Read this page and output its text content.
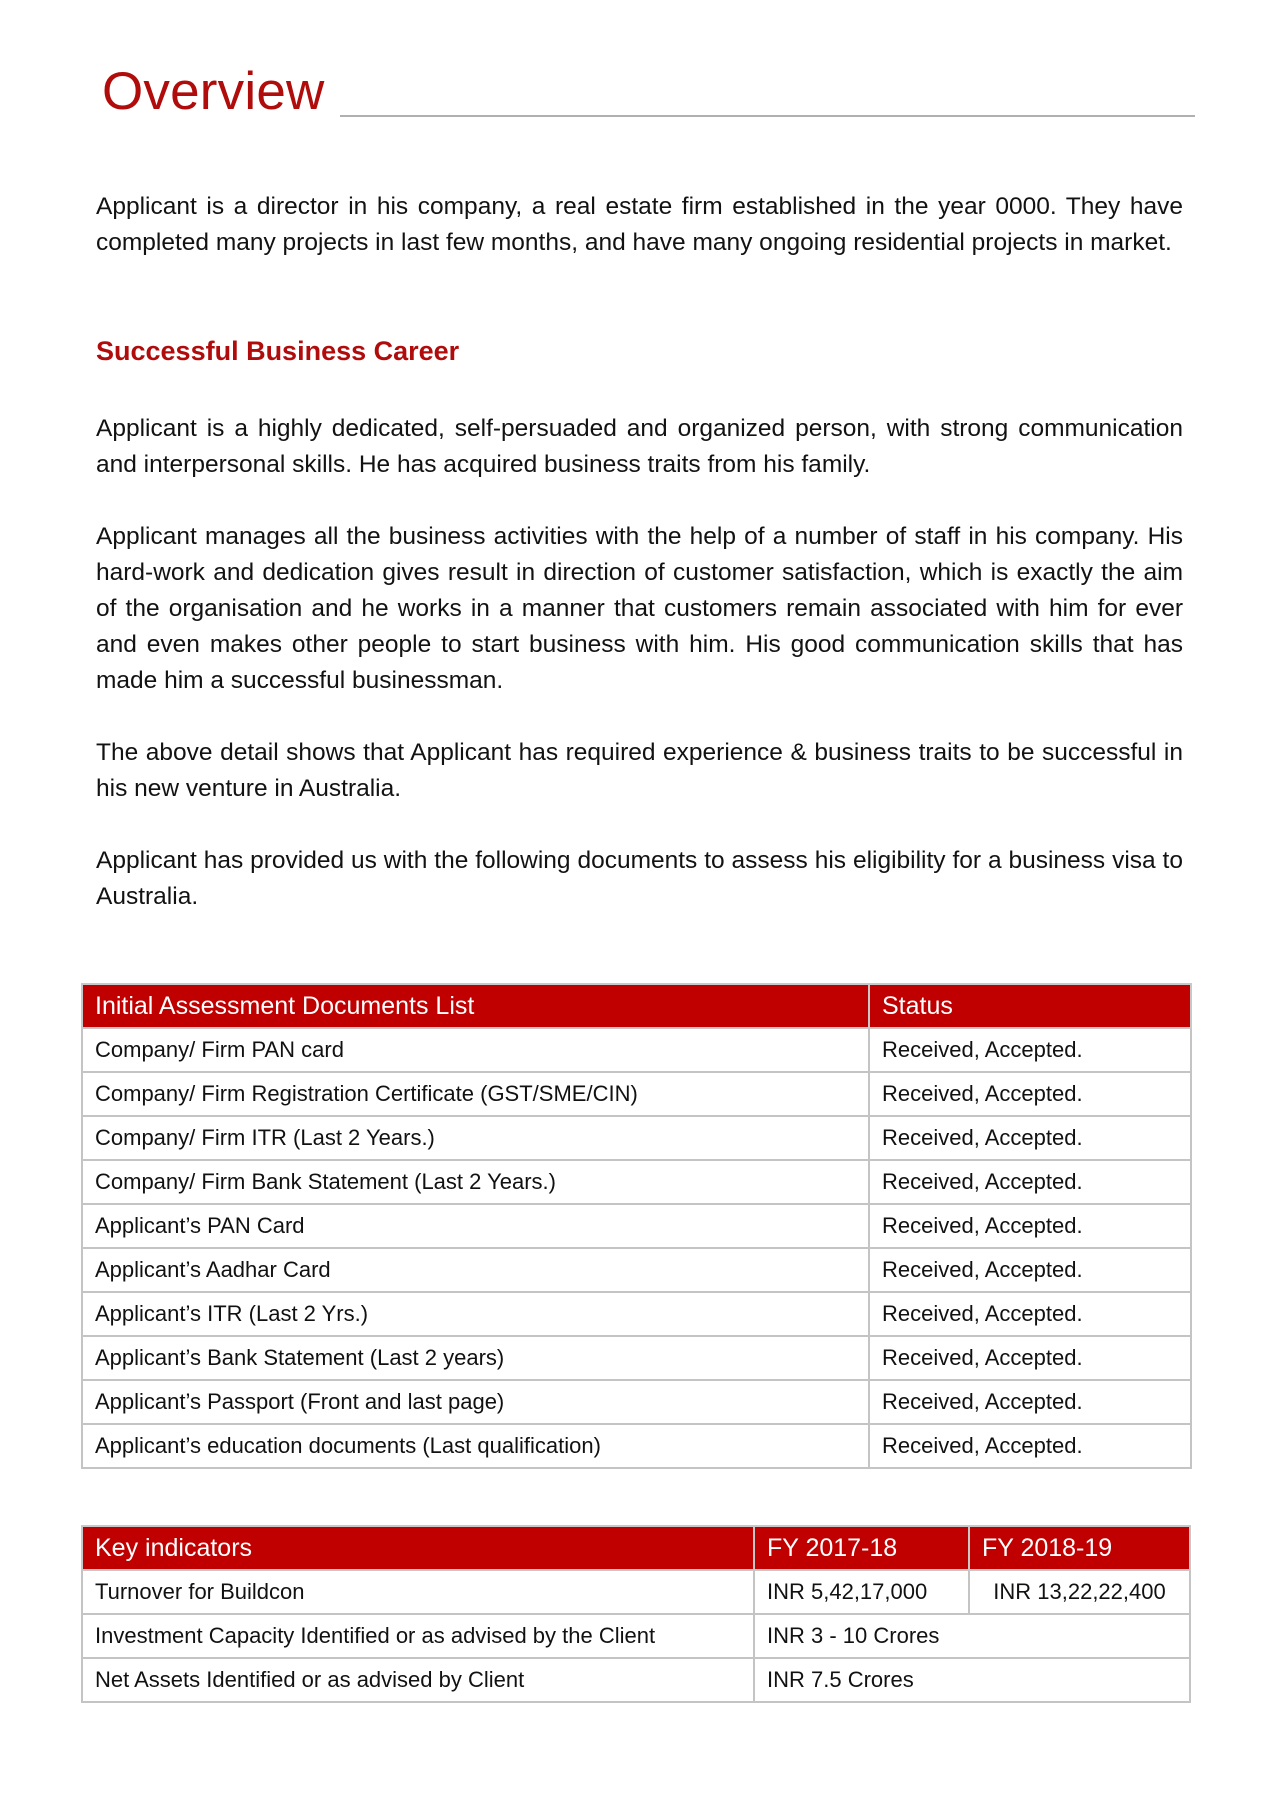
Overview

Applicant is a director in his company, a real estate firm established in the year 0000. They have completed many projects in last few months, and have many ongoing residential projects in market.

Successful Business Career

Applicant is a highly dedicated, self-persuaded and organized person, with strong communication and interpersonal skills. He has acquired business traits from his family.

Applicant manages all the business activities with the help of a number of staff in his company. His hard-work and dedication gives result in direction of customer satisfaction, which is exactly the aim of the organisation and he works in a manner that customers remain associated with him for ever and even makes other people to start business with him. His good communication skills that has made him a successful businessman.

The above detail shows that Applicant has required experience & business traits to be successful in his new venture in Australia.

Applicant has provided us with the following documents to assess his eligibility for a business visa to Australia.

Initial Assessment Documents List	Status
Company/ Firm PAN card	Received, Accepted.
Company/ Firm Registration Certificate (GST/SME/CIN)	Received, Accepted.
Company/ Firm ITR (Last 2 Years.)	Received, Accepted.
Company/ Firm Bank Statement (Last 2 Years.)	Received, Accepted.
Applicant’s PAN Card	Received, Accepted.
Applicant’s Aadhar Card	Received, Accepted.
Applicant’s ITR (Last 2 Yrs.)	Received, Accepted.
Applicant’s Bank Statement (Last 2 years)	Received, Accepted.
Applicant’s Passport (Front and last page)	Received, Accepted.
Applicant’s education documents (Last qualification)	Received, Accepted.
Key indicators	FY 2017-18	FY 2018-19
Turnover for Buildcon	INR 5,42,17,000	INR 13,22,22,400
Investment Capacity Identified or as advised by the Client	INR 3 - 10 Crores	
Net Assets Identified or as advised by Client	INR 7.5 Crores	
